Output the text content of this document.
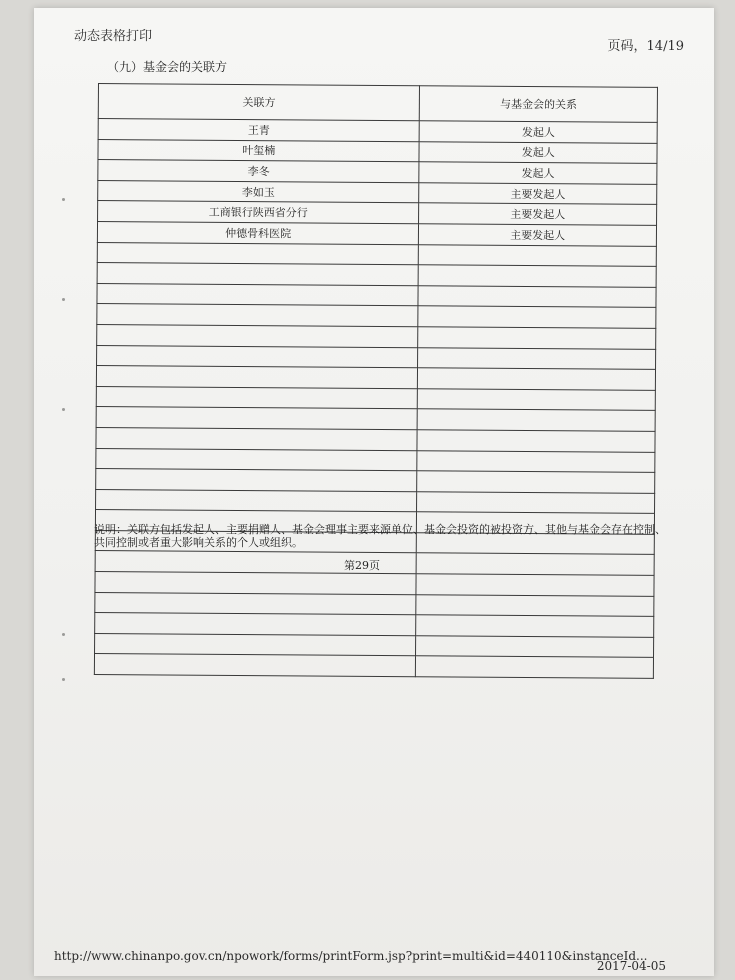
动态表格打印
页码，14/19
（九）基金会的关联方
关联方	与基金会的关系
王青	发起人
叶玺楠	发起人
李冬	发起人
李如玉	主要发起人
工商银行陕西省分行	主要发起人
仲德骨科医院	主要发起人

说明：关联方包括发起人、主要捐赠人、基金会理事主要来源单位、基金会投资的被投资方、其他与基金会存在控制、共同控制或者重大影响关系的个人或组织。
第29页
http://www.chinanpo.gov.cn/npowork/forms/printForm.jsp?print=multi&id=440110&instanceId...
2017-04-05
